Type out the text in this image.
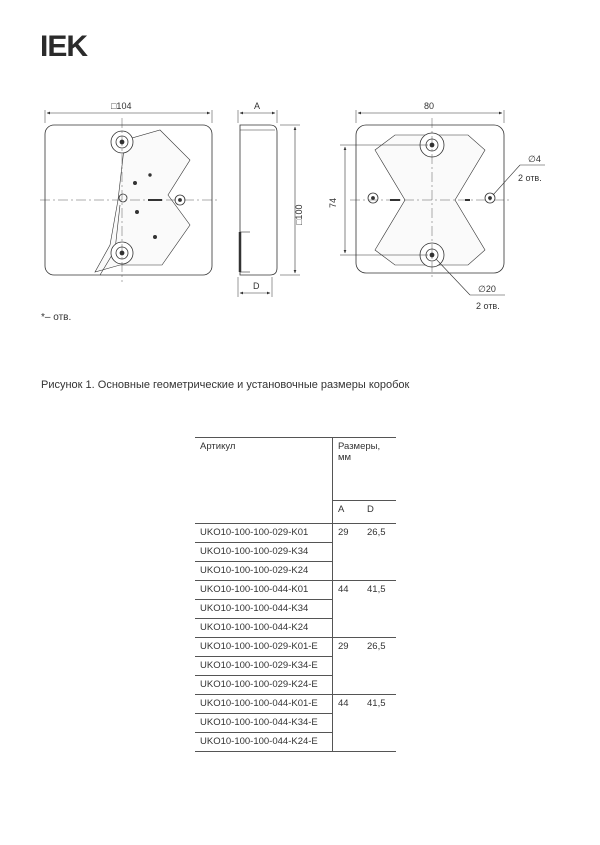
IEK
□104	A
□100
D
80
74
∅4
2 отв.
∅20
2 отв.
*– отв.
Рисунок 1. Основные геометрические и установочные размеры коробок
Артикул	Размеры, мм	
	A	D
UKO10-100-100-029-K01	29	26,5
UKO10-100-100-029-K34		
UKO10-100-100-029-K24		
UKO10-100-100-044-K01	44	41,5
UKO10-100-100-044-K34		
UKO10-100-100-044-K24		
UKO10-100-100-029-K01-E	29	26,5
UKO10-100-100-029-K34-E		
UKO10-100-100-029-K24-E		
UKO10-100-100-044-K01-E	44	41,5
UKO10-100-100-044-K34-E		
UKO10-100-100-044-K24-E		
